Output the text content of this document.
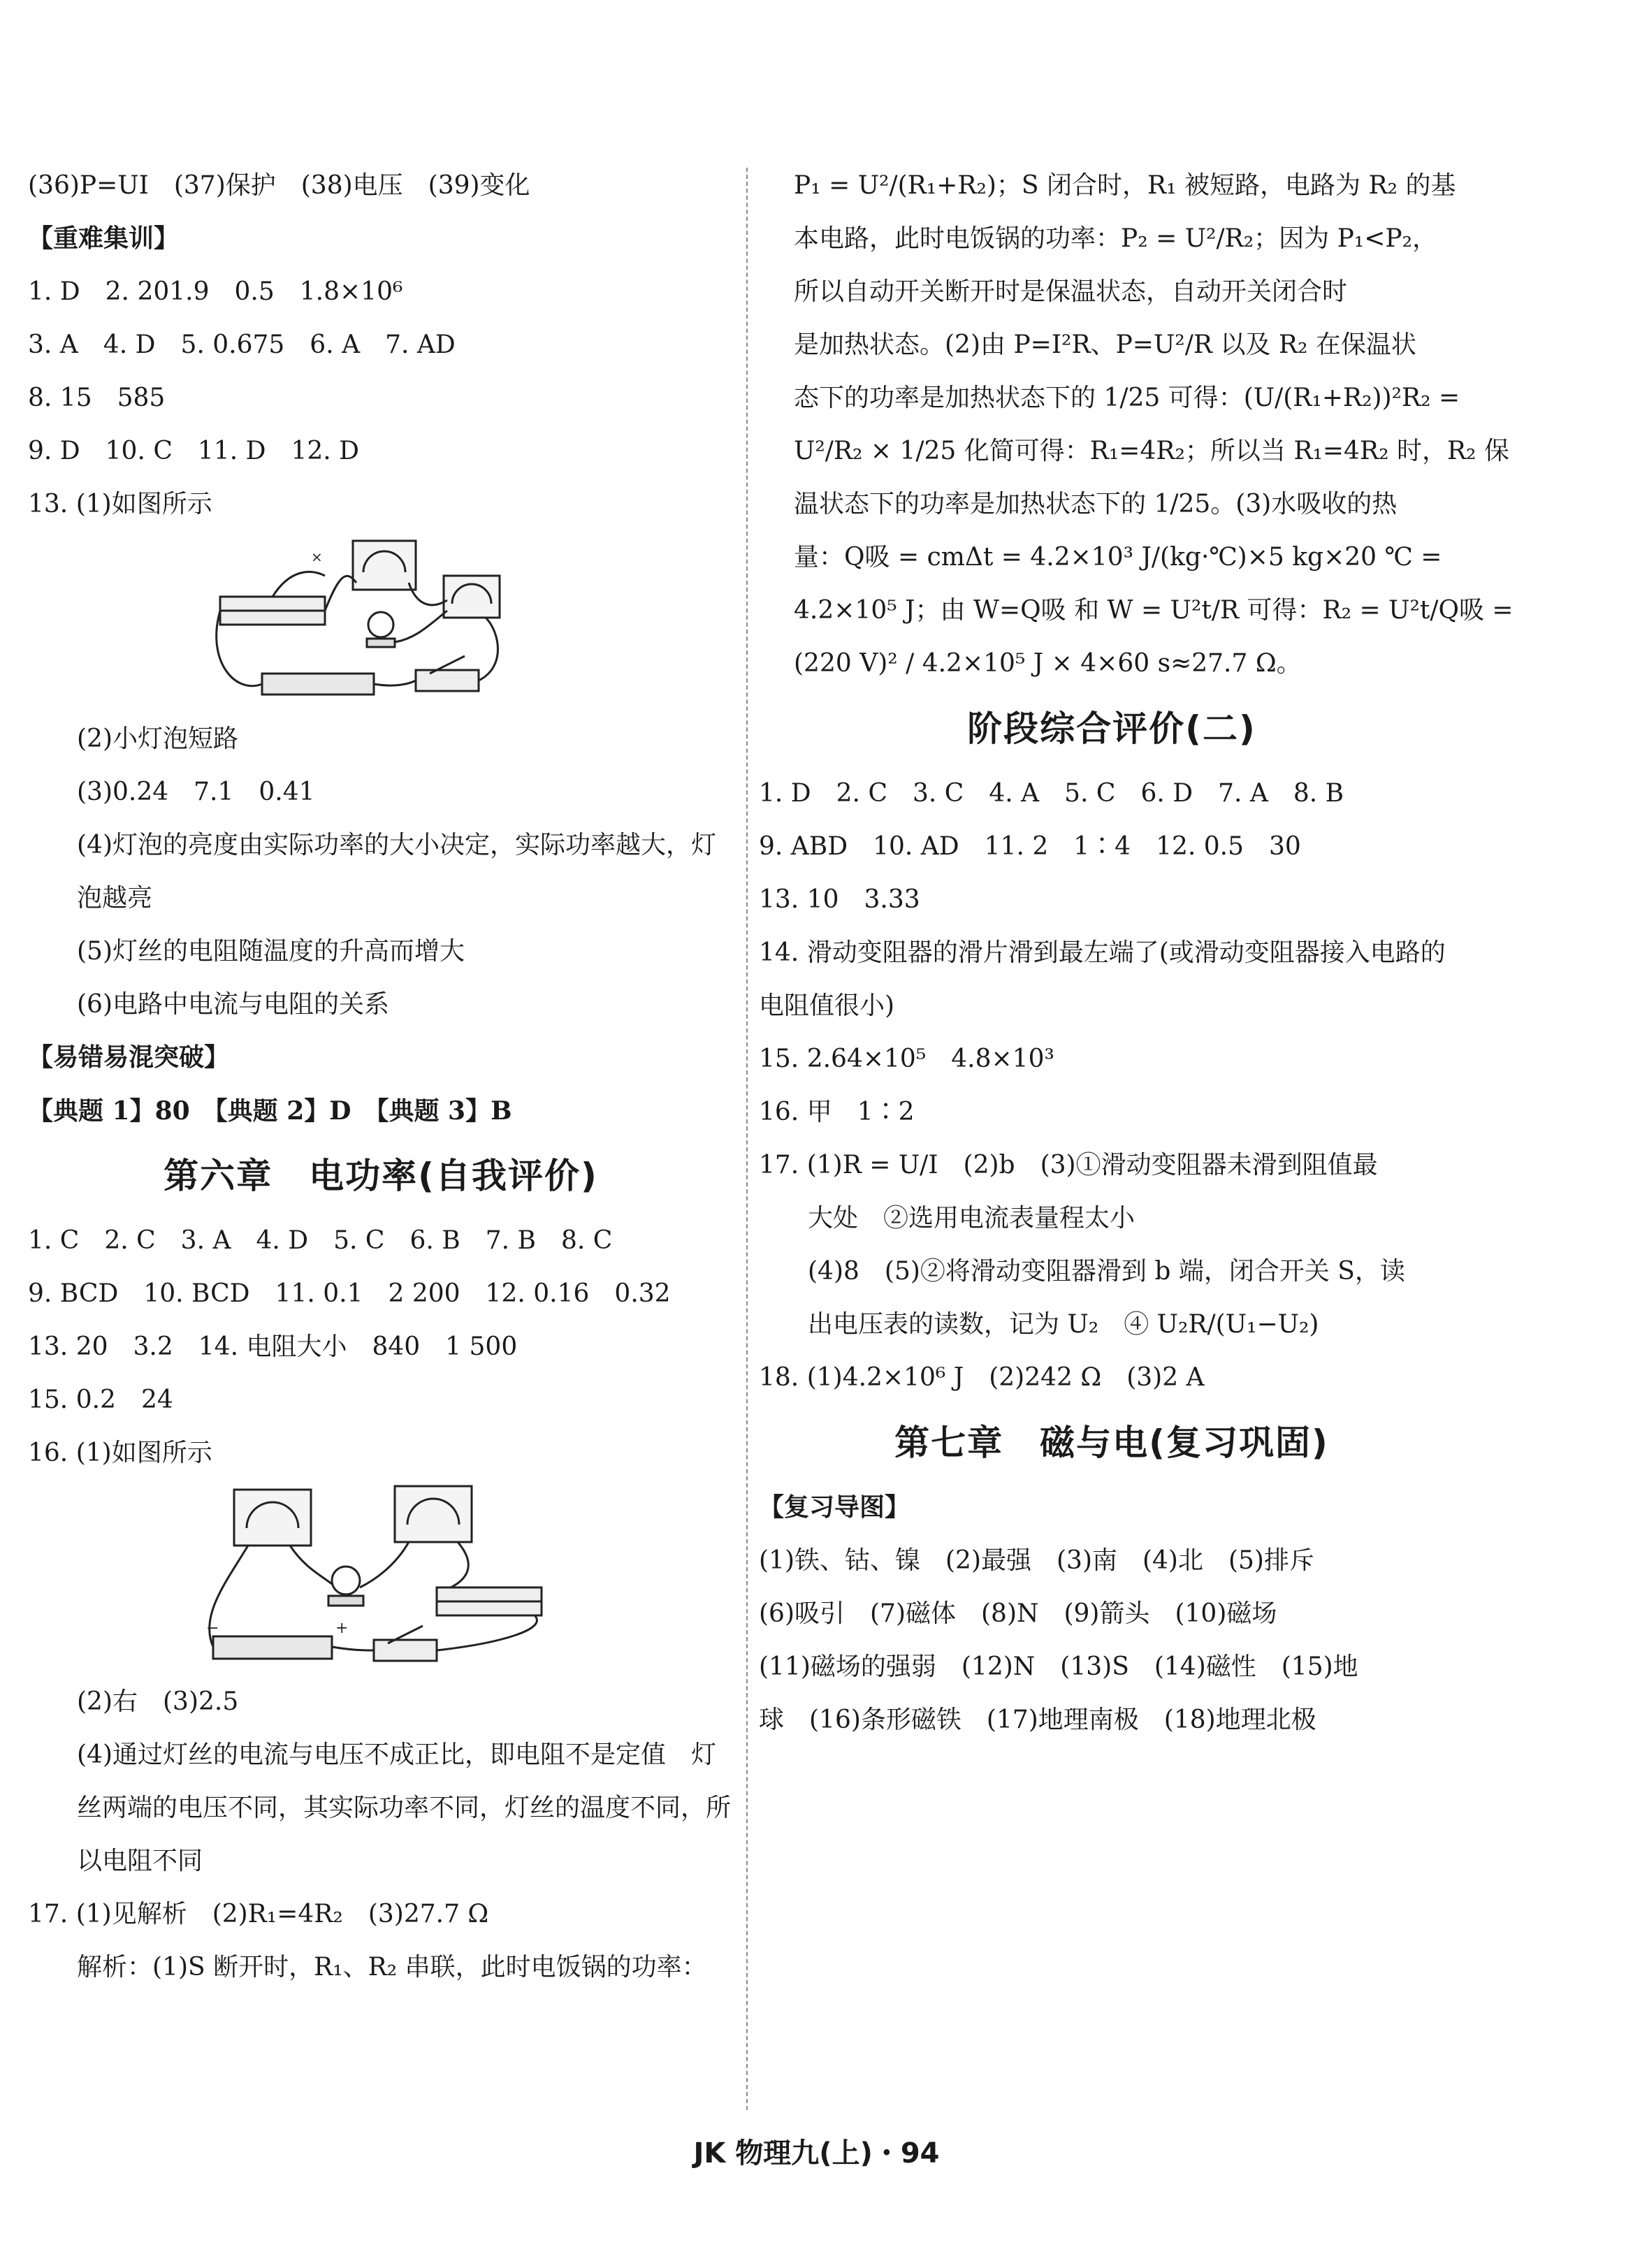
(36)P=UI　(37)保护　(38)电压　(39)变化
【重难集训】
1. D　2. 201.9　0.5　1.8×10⁶
3. A　4. D　5. 0.675　6. A　7. AD
8. 15　585
9. D　10. C　11. D　12. D
13. (1)如图所示
×
(2)小灯泡短路
(3)0.24　7.1　0.41
(4)灯泡的亮度由实际功率的大小决定，实际功率越大，灯泡越亮
(5)灯丝的电阻随温度的升高而增大
(6)电路中电流与电阻的关系
【易错易混突破】
【典题 1】80　【典题 2】D　【典题 3】B
第六章　电功率(自我评价)
1. C　2. C　3. A　4. D　5. C　6. B　7. B　8. C
9. BCD　10. BCD　11. 0.1　2 200　12. 0.16　0.32
13. 20　3.2　14. 电阻大小　840　1 500
15. 0.2　24
16. (1)如图所示
−	+
(2)右　(3)2.5
(4)通过灯丝的电流与电压不成正比，即电阻不是定值　灯丝两端的电压不同，其实际功率不同，灯丝的温度不同，所以电阻不同
17. (1)见解析　(2)R₁=4R₂　(3)27.7 Ω
解析：(1)S 断开时，R₁、R₂ 串联，此时电饭锅的功率：
P₁ = U²/(R₁+R₂)；S 闭合时，R₁ 被短路，电路为 R₂ 的基
本电路，此时电饭锅的功率：P₂ = U²/R₂；因为 P₁<P₂，
所以自动开关断开时是保温状态，自动开关闭合时
是加热状态。(2)由 P=I²R、P=U²/R 以及 R₂ 在保温状
态下的功率是加热状态下的 1/25 可得：(U/(R₁+R₂))²R₂ =
U²/R₂ × 1/25 化简可得：R₁=4R₂；所以当 R₁=4R₂ 时，R₂ 保
温状态下的功率是加热状态下的 1/25。(3)水吸收的热
量：Q吸 = cmΔt = 4.2×10³ J/(kg·℃)×5 kg×20 ℃ =
4.2×10⁵ J；由 W=Q吸 和 W = U²t/R 可得：R₂ = U²t/Q吸 =
(220 V)² / 4.2×10⁵ J × 4×60 s≈27.7 Ω。
阶段综合评价(二)
1. D　2. C　3. C　4. A　5. C　6. D　7. A　8. B
9. ABD　10. AD　11. 2　1∶4　12. 0.5　30
13. 10　3.33
14. 滑动变阻器的滑片滑到最左端了(或滑动变阻器接入电路的电阻值很小)
15. 2.64×10⁵　4.8×10³
16. 甲　1∶2
17. (1)R = U/I　(2)b　(3)①滑动变阻器未滑到阻值最
大处　②选用电流表量程太小
(4)8　(5)②将滑动变阻器滑到 b 端，闭合开关 S，读
出电压表的读数，记为 U₂　④ U₂R/(U₁−U₂)
18. (1)4.2×10⁶ J　(2)242 Ω　(3)2 A
第七章　磁与电(复习巩固)
【复习导图】
(1)铁、钴、镍　(2)最强　(3)南　(4)北　(5)排斥
(6)吸引　(7)磁体　(8)N　(9)箭头　(10)磁场
(11)磁场的强弱　(12)N　(13)S　(14)磁性　(15)地
球　(16)条形磁铁　(17)地理南极　(18)地理北极
JK 物理九(上)・94
